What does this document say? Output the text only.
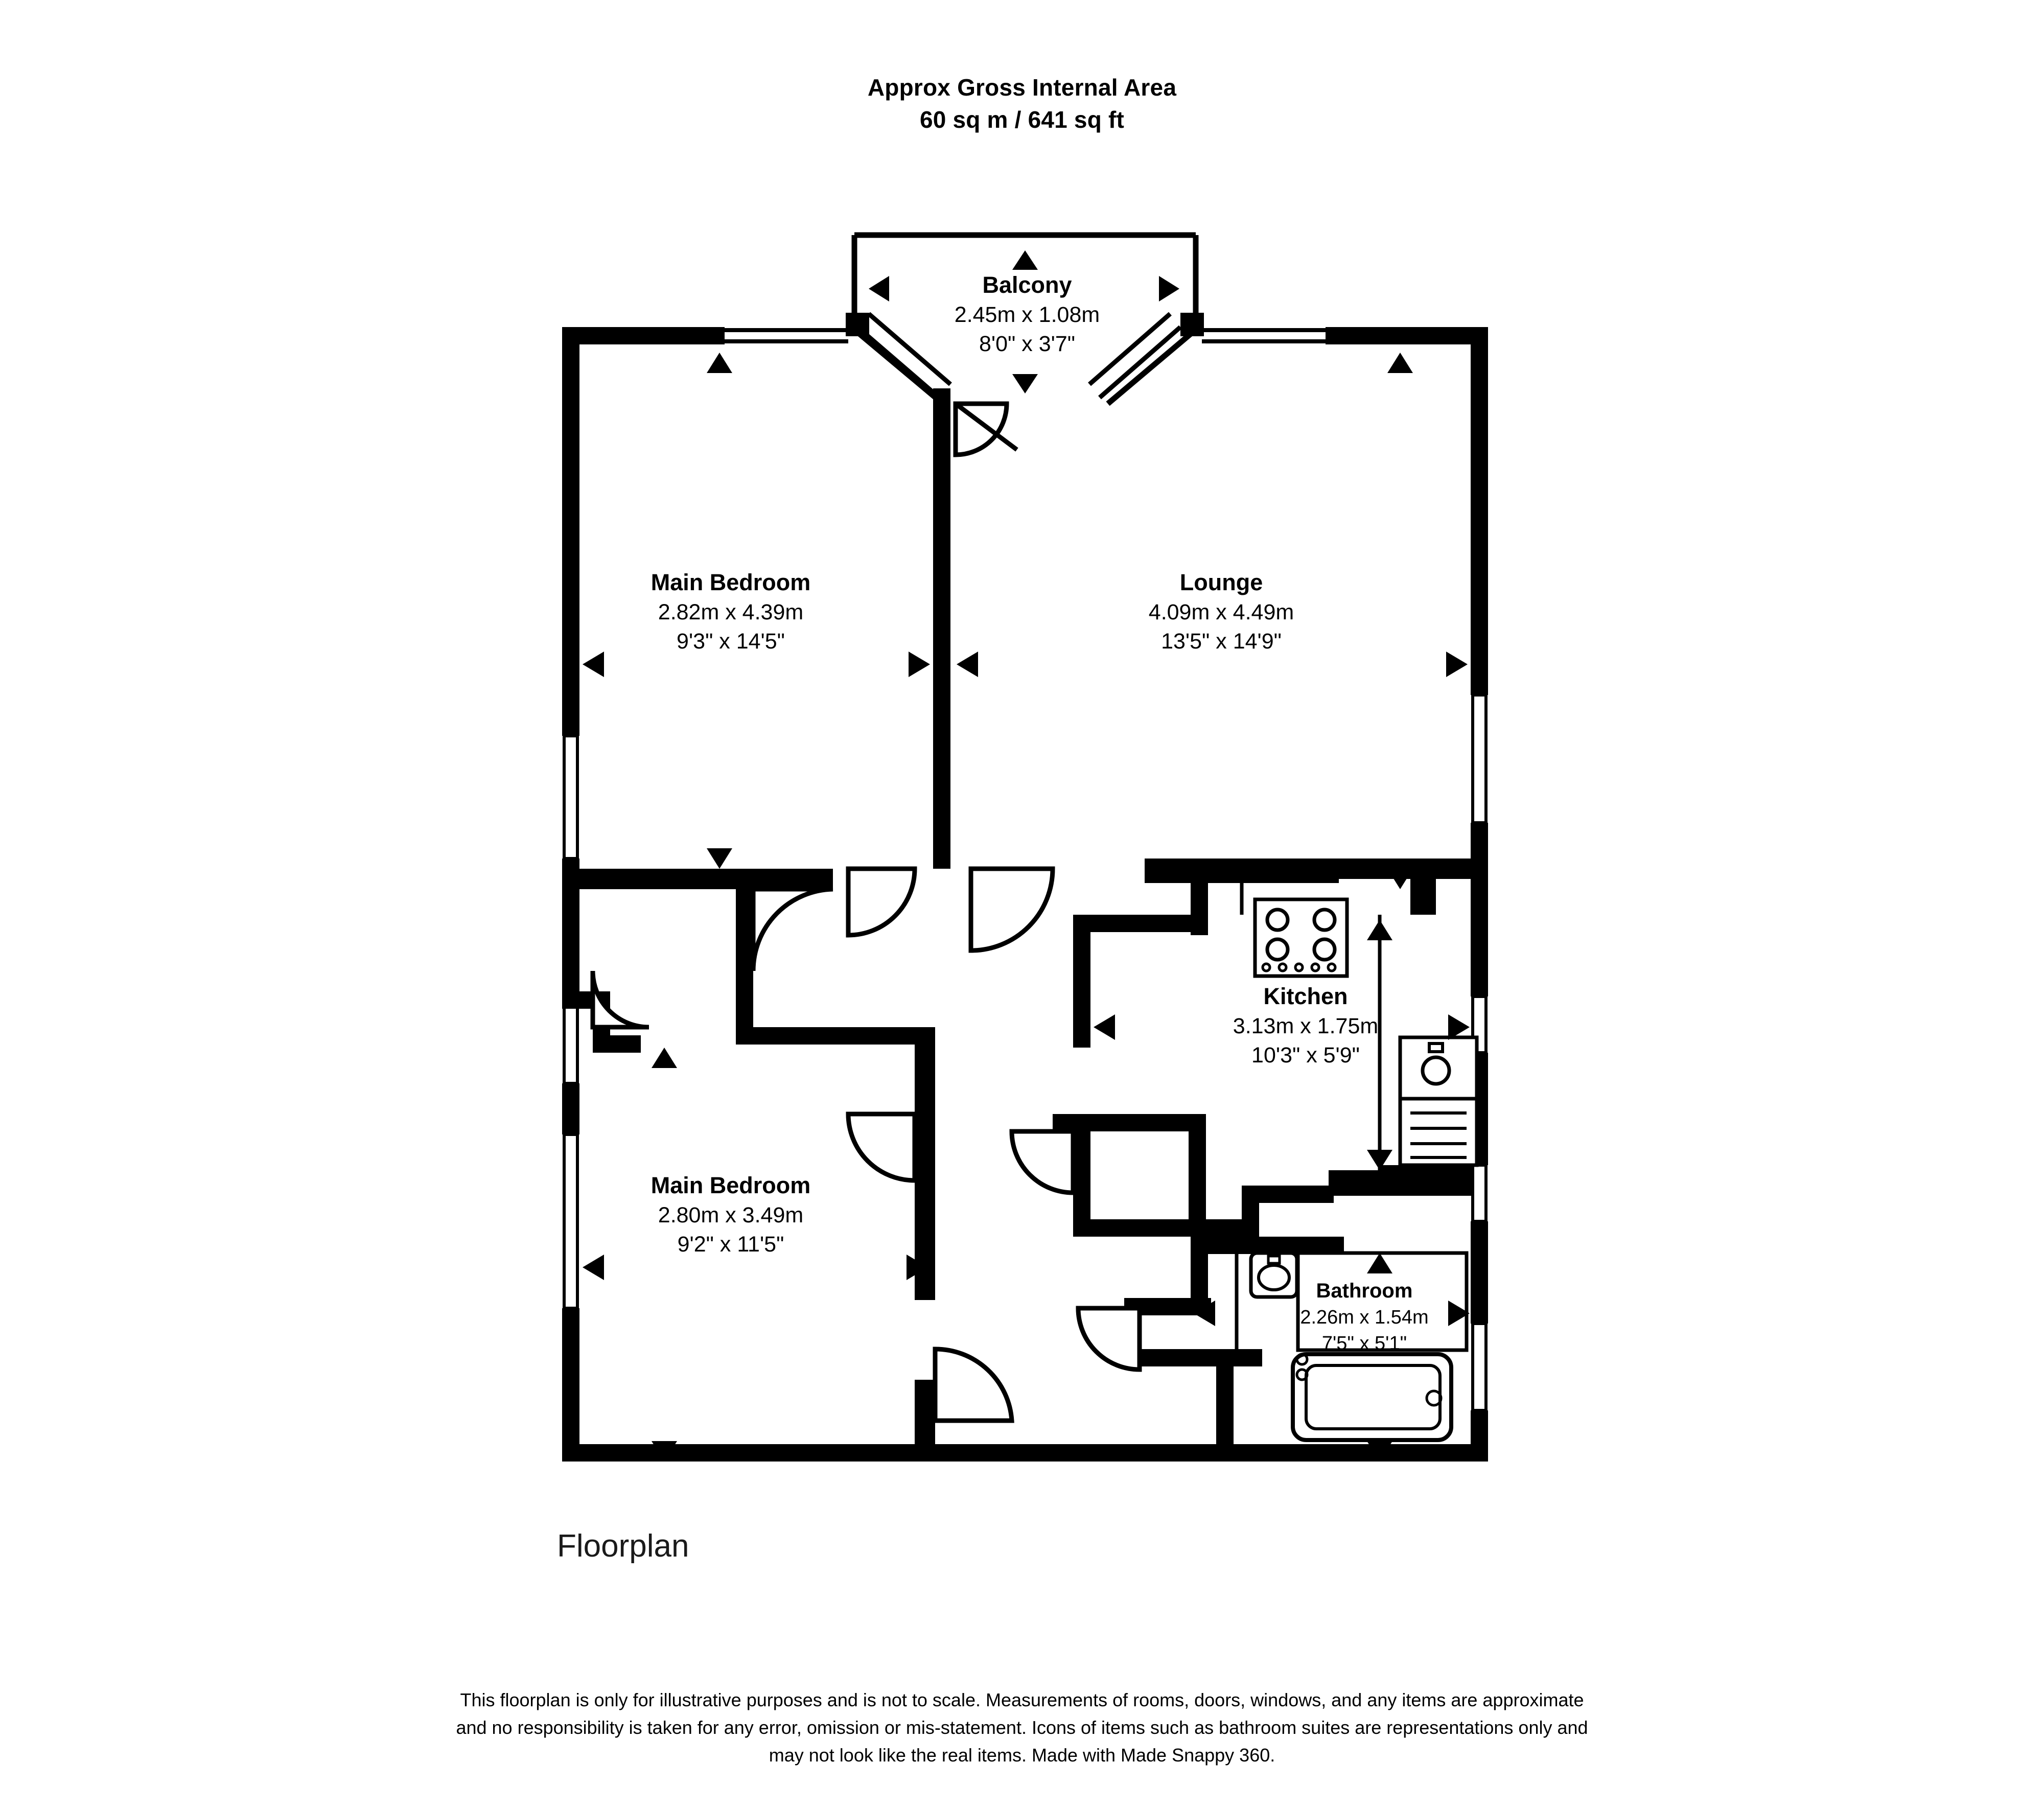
Approx Gross Internal Area
60 sq m / 641 sq ft
Balcony
2.45m x 1.08m
8'0" x 3'7"
Main Bedroom
2.82m x 4.39m
9'3" x 14'5"
Lounge
4.09m x 4.49m
13'5" x 14'9"
Kitchen
3.13m x 1.75m
10'3" x 5'9"
Main Bedroom
2.80m x 3.49m
9'2" x 11'5"
Bathroom
2.26m x 1.54m
7'5" x 5'1"
Floorplan
This floorplan is only for illustrative purposes and is not to scale. Measurements of rooms, doors, windows, and any items are approximate
and no responsibility is taken for any error, omission or mis-statement. Icons of items such as bathroom suites are representations only and
may not look like the real items. Made with Made Snappy 360.
